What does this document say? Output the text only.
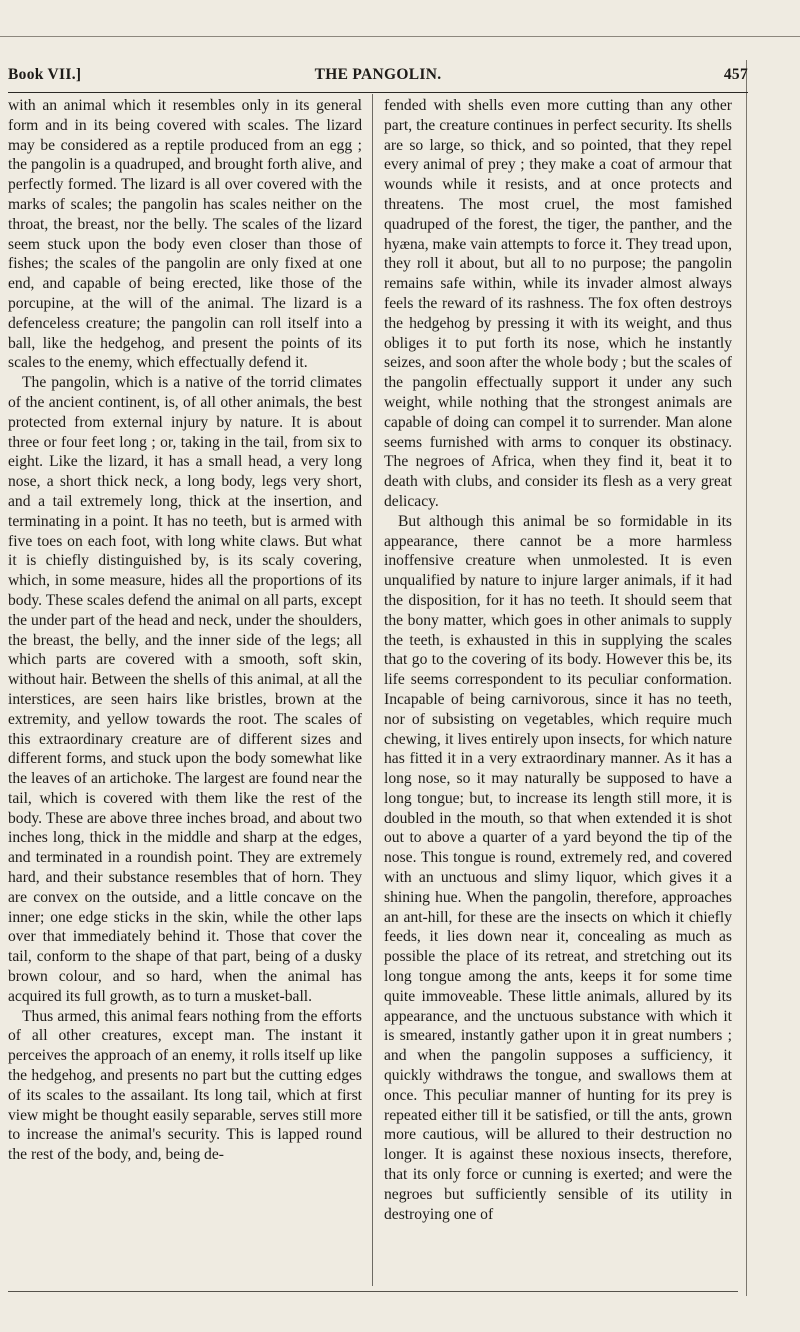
Book VII.]	THE PANGOLIN.	457

with an animal which it resembles only in its general form and in its being covered with scales. The lizard may be considered as a reptile produced from an egg ; the pangolin is a quadruped, and brought forth alive, and perfectly formed. The lizard is all over covered with the marks of scales; the pangolin has scales neither on the throat, the breast, nor the belly. The scales of the lizard seem stuck upon the body even closer than those of fishes; the scales of the pangolin are only fixed at one end, and capable of being erected, like those of the porcupine, at the will of the animal. The lizard is a defenceless creature; the pangolin can roll itself into a ball, like the hedgehog, and present the points of its scales to the enemy, which effectually defend it.

The pangolin, which is a native of the torrid climates of the ancient continent, is, of all other animals, the best protected from external injury by nature. It is about three or four feet long ; or, taking in the tail, from six to eight. Like the lizard, it has a small head, a very long nose, a short thick neck, a long body, legs very short, and a tail extremely long, thick at the insertion, and terminating in a point. It has no teeth, but is armed with five toes on each foot, with long white claws. But what it is chiefly distinguished by, is its scaly covering, which, in some measure, hides all the proportions of its body. These scales defend the animal on all parts, except the under part of the head and neck, under the shoulders, the breast, the belly, and the inner side of the legs; all which parts are covered with a smooth, soft skin, without hair. Between the shells of this animal, at all the interstices, are seen hairs like bristles, brown at the extremity, and yellow towards the root. The scales of this extraordinary creature are of different sizes and different forms, and stuck upon the body somewhat like the leaves of an artichoke. The largest are found near the tail, which is covered with them like the rest of the body. These are above three inches broad, and about two inches long, thick in the middle and sharp at the edges, and terminated in a roundish point. They are extremely hard, and their substance resembles that of horn. They are convex on the outside, and a little concave on the inner; one edge sticks in the skin, while the other laps over that immediately behind it. Those that cover the tail, conform to the shape of that part, being of a dusky brown colour, and so hard, when the animal has acquired its full growth, as to turn a musket-ball.

Thus armed, this animal fears nothing from the efforts of all other creatures, except man. The instant it perceives the approach of an enemy, it rolls itself up like the hedgehog, and presents no part but the cutting edges of its scales to the assailant. Its long tail, which at first view might be thought easily separable, serves still more to increase the animal's security. This is lapped round the rest of the body, and, being de-

fended with shells even more cutting than any other part, the creature continues in perfect security. Its shells are so large, so thick, and so pointed, that they repel every animal of prey ; they make a coat of armour that wounds while it resists, and at once protects and threatens. The most cruel, the most famished quadruped of the forest, the tiger, the panther, and the hyæna, make vain attempts to force it. They tread upon, they roll it about, but all to no purpose; the pangolin remains safe within, while its invader almost always feels the reward of its rashness. The fox often destroys the hedgehog by pressing it with its weight, and thus obliges it to put forth its nose, which he instantly seizes, and soon after the whole body ; but the scales of the pangolin effectually support it under any such weight, while nothing that the strongest animals are capable of doing can compel it to surrender. Man alone seems furnished with arms to conquer its obstinacy. The negroes of Africa, when they find it, beat it to death with clubs, and consider its flesh as a very great delicacy.

But although this animal be so formidable in its appearance, there cannot be a more harmless inoffensive creature when unmolested. It is even unqualified by nature to injure larger animals, if it had the disposition, for it has no teeth. It should seem that the bony matter, which goes in other animals to supply the teeth, is exhausted in this in supplying the scales that go to the covering of its body. However this be, its life seems correspondent to its peculiar conformation. Incapable of being carnivorous, since it has no teeth, nor of subsisting on vegetables, which require much chewing, it lives entirely upon insects, for which nature has fitted it in a very extraordinary manner. As it has a long nose, so it may naturally be supposed to have a long tongue; but, to increase its length still more, it is doubled in the mouth, so that when extended it is shot out to above a quarter of a yard beyond the tip of the nose. This tongue is round, extremely red, and covered with an unctuous and slimy liquor, which gives it a shining hue. When the pangolin, therefore, approaches an ant-hill, for these are the insects on which it chiefly feeds, it lies down near it, concealing as much as possible the place of its retreat, and stretching out its long tongue among the ants, keeps it for some time quite immoveable. These little animals, allured by its appearance, and the unctuous substance with which it is smeared, instantly gather upon it in great numbers ; and when the pangolin supposes a sufficiency, it quickly withdraws the tongue, and swallows them at once. This peculiar manner of hunting for its prey is repeated either till it be satisfied, or till the ants, grown more cautious, will be allured to their destruction no longer. It is against these noxious insects, therefore, that its only force or cunning is exerted; and were the negroes but sufficiently sensible of its utility in destroying one of
